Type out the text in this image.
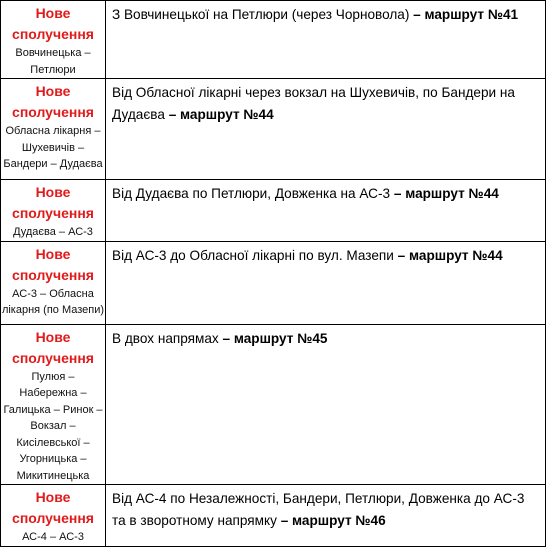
Нове сполучення
Вовчинецька – Петлюри	З Вовчинецької на Петлюри (через Чорновола) – маршрут №41

Нове сполучення
Обласна лікарня – Шухевичів – Бандери – Дудаєва	Від Обласної лікарні через вокзал на Шухевичів, по Бандери на Дудаєва – маршрут №44

Нове сполучення
Дудаєва – АС-3	Від Дудаєва по Петлюри, Довженка на АС-3 – маршрут №44

Нове сполучення
АС-3 – Обласна лікарня (по Мазепи)	Від АС-3 до Обласної лікарні по вул. Мазепи – маршрут №44

Нове сполучення
Пулюя – Набережна – Галицька – Ринок – Вокзал – Кисілевської – Угорницька – Микитинецька	В двох напрямах – маршрут №45

Нове сполучення
АС-4 – АС-3	Від АС-4 по Незалежності, Бандери, Петлюри, Довженка до АС-3 та в зворотному напрямку – маршрут №46
